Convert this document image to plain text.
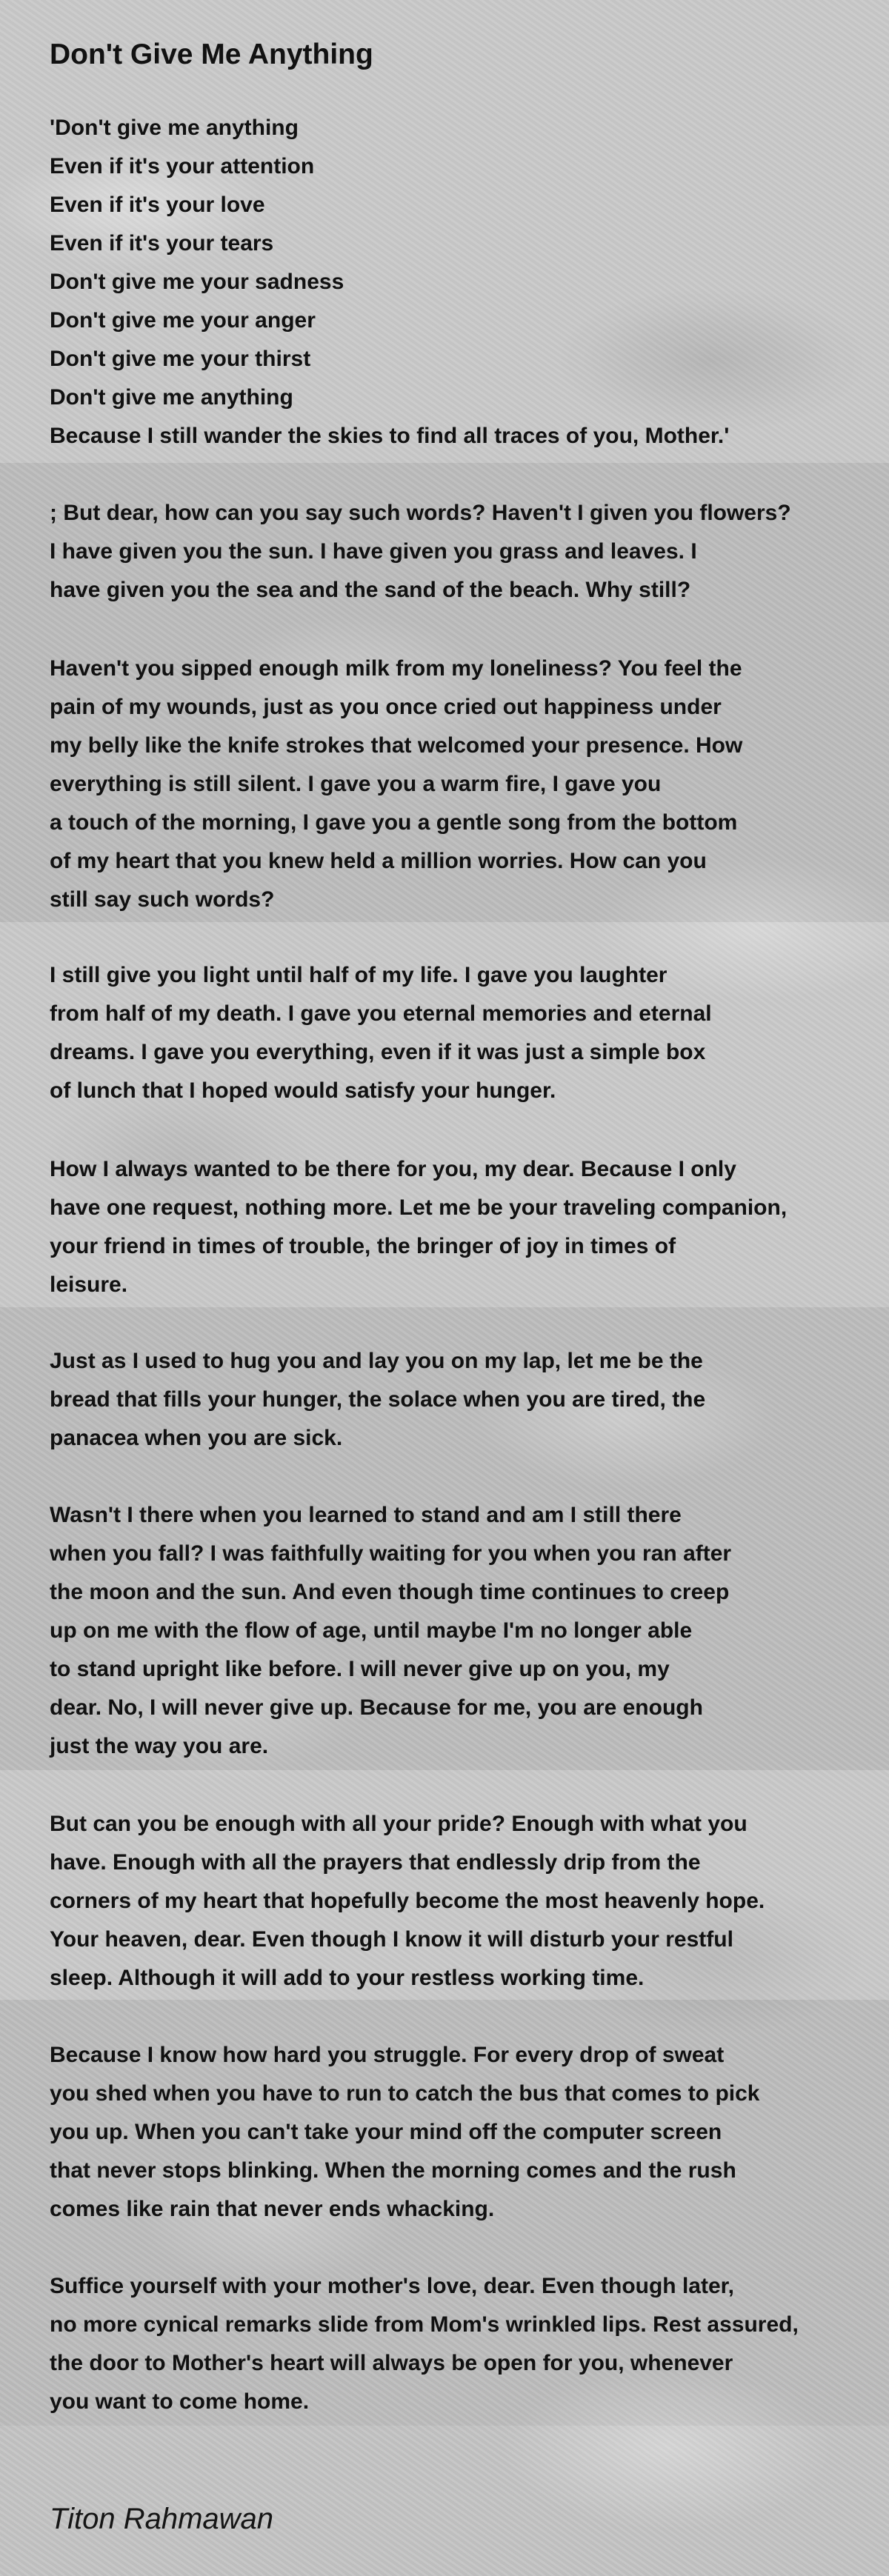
Don't Give Me Anything
'Don't give me anything
Even if it's your attention
Even if it's your love
Even if it's your tears
Don't give me your sadness
Don't give me your anger
Don't give me your thirst
Don't give me anything
Because I still wander the skies to find all traces of you, Mother.'
; But dear, how can you say such words? Haven't I given you flowers?
I have given you the sun. I have given you grass and leaves. I
have given you the sea and the sand of the beach. Why still?
Haven't you sipped enough milk from my loneliness? You feel the
pain of my wounds, just as you once cried out happiness under
my belly like the knife strokes that welcomed your presence. How
everything is still silent. I gave you a warm fire, I gave you
a touch of the morning, I gave you a gentle song from the bottom
of my heart that you knew held a million worries. How can you
still say such words?
I still give you light until half of my life. I gave you laughter
from half of my death. I gave you eternal memories and eternal
dreams. I gave you everything, even if it was just a simple box
of lunch that I hoped would satisfy your hunger.
How I always wanted to be there for you, my dear. Because I only
have one request, nothing more. Let me be your traveling companion,
your friend in times of trouble, the bringer of joy in times of
leisure.
Just as I used to hug you and lay you on my lap, let me be the
bread that fills your hunger, the solace when you are tired, the
panacea when you are sick.
Wasn't I there when you learned to stand and am I still there
when you fall? I was faithfully waiting for you when you ran after
the moon and the sun. And even though time continues to creep
up on me with the flow of age, until maybe I'm no longer able
to stand upright like before. I will never give up on you, my
dear. No, I will never give up. Because for me, you are enough
just the way you are.
But can you be enough with all your pride? Enough with what you
have. Enough with all the prayers that endlessly drip from the
corners of my heart that hopefully become the most heavenly hope.
Your heaven, dear. Even though I know it will disturb your restful
sleep. Although it will add to your restless working time.
Because I know how hard you struggle. For every drop of sweat
you shed when you have to run to catch the bus that comes to pick
you up. When you can't take your mind off the computer screen
that never stops blinking. When the morning comes and the rush
comes like rain that never ends whacking.
Suffice yourself with your mother's love, dear. Even though later,
no more cynical remarks slide from Mom's wrinkled lips. Rest assured,
the door to Mother's heart will always be open for you, whenever
you want to come home.

Titon Rahmawan
